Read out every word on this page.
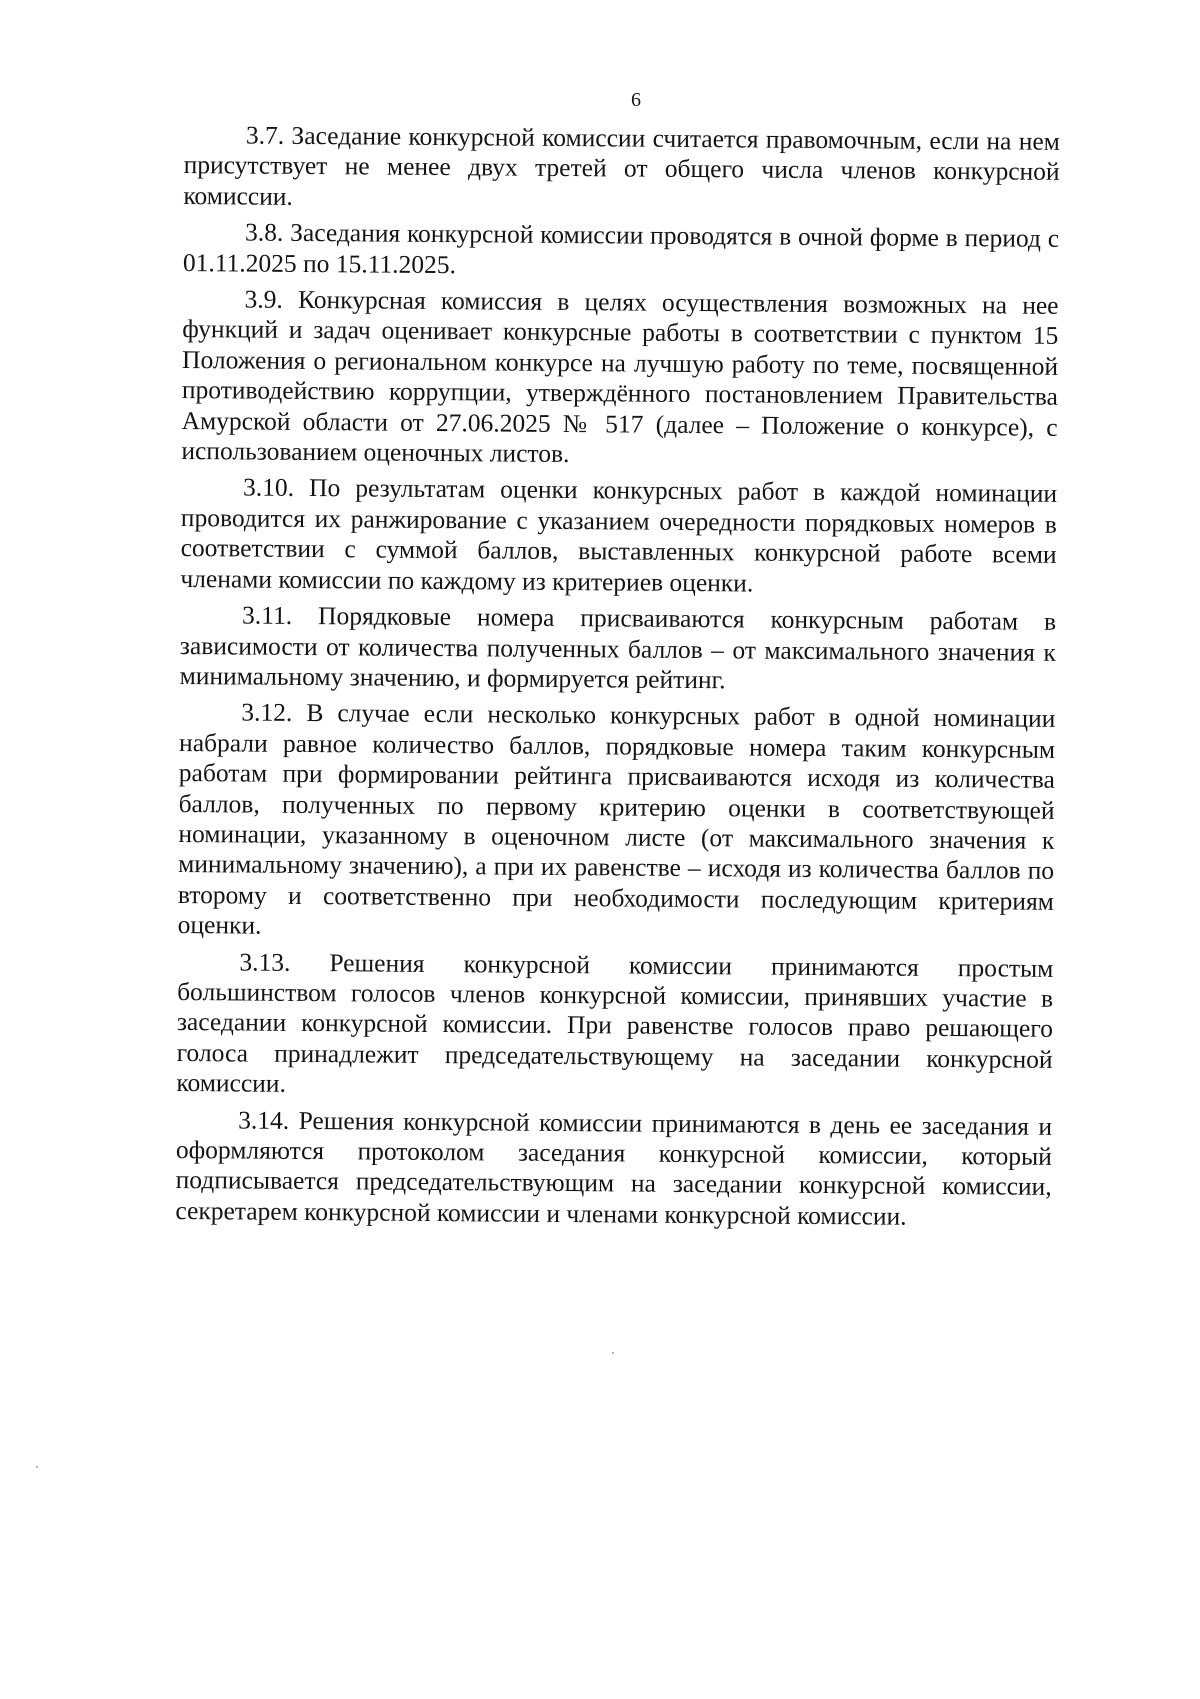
6

3.7. Заседание конкурсной комиссии считается правомочным, если на нем присутствует не менее двух третей от общего числа членов конкурсной комиссии.

3.8. Заседания конкурсной комиссии проводятся в очной форме в период с 01.11.2025 по 15.11.2025.

3.9. Конкурсная комиссия в целях осуществления возможных на нее функций и задач оценивает конкурсные работы в соответствии с пунктом 15 Положения о региональном конкурсе на лучшую работу по теме, посвященной противодействию коррупции, утверждённого постановлением Правительства Амурской области от 27.06.2025 № 517 (далее – Положение о конкурсе), с использованием оценочных листов.

3.10. По результатам оценки конкурсных работ в каждой номинации проводится их ранжирование с указанием очередности порядковых номеров в соответствии с суммой баллов, выставленных конкурсной работе всеми членами комиссии по каждому из критериев оценки.

3.11. Порядковые номера присваиваются конкурсным работам в зависимости от количества полученных баллов – от максимального значения к минимальному значению, и формируется рейтинг.

3.12. В случае если несколько конкурсных работ в одной номинации набрали равное количество баллов, порядковые номера таким конкурсным работам при формировании рейтинга присваиваются исходя из количества баллов, полученных по первому критерию оценки в соответствующей номинации, указанному в оценочном листе (от максимального значения к минимальному значению), а при их равенстве – исходя из количества баллов по второму и соответственно при необходимости последующим критериям оценки.

3.13. Решения конкурсной комиссии принимаются простым большинством голосов членов конкурсной комиссии, принявших участие в заседании конкурсной комиссии. При равенстве голосов право решающего голоса принадлежит председательствующему на заседании конкурсной комиссии.

3.14. Решения конкурсной комиссии принимаются в день ее заседания и оформляются протоколом заседания конкурсной комиссии, который подписывается председательствующим на заседании конкурсной комиссии, секретарем конкурсной комиссии и членами конкурсной комиссии.
